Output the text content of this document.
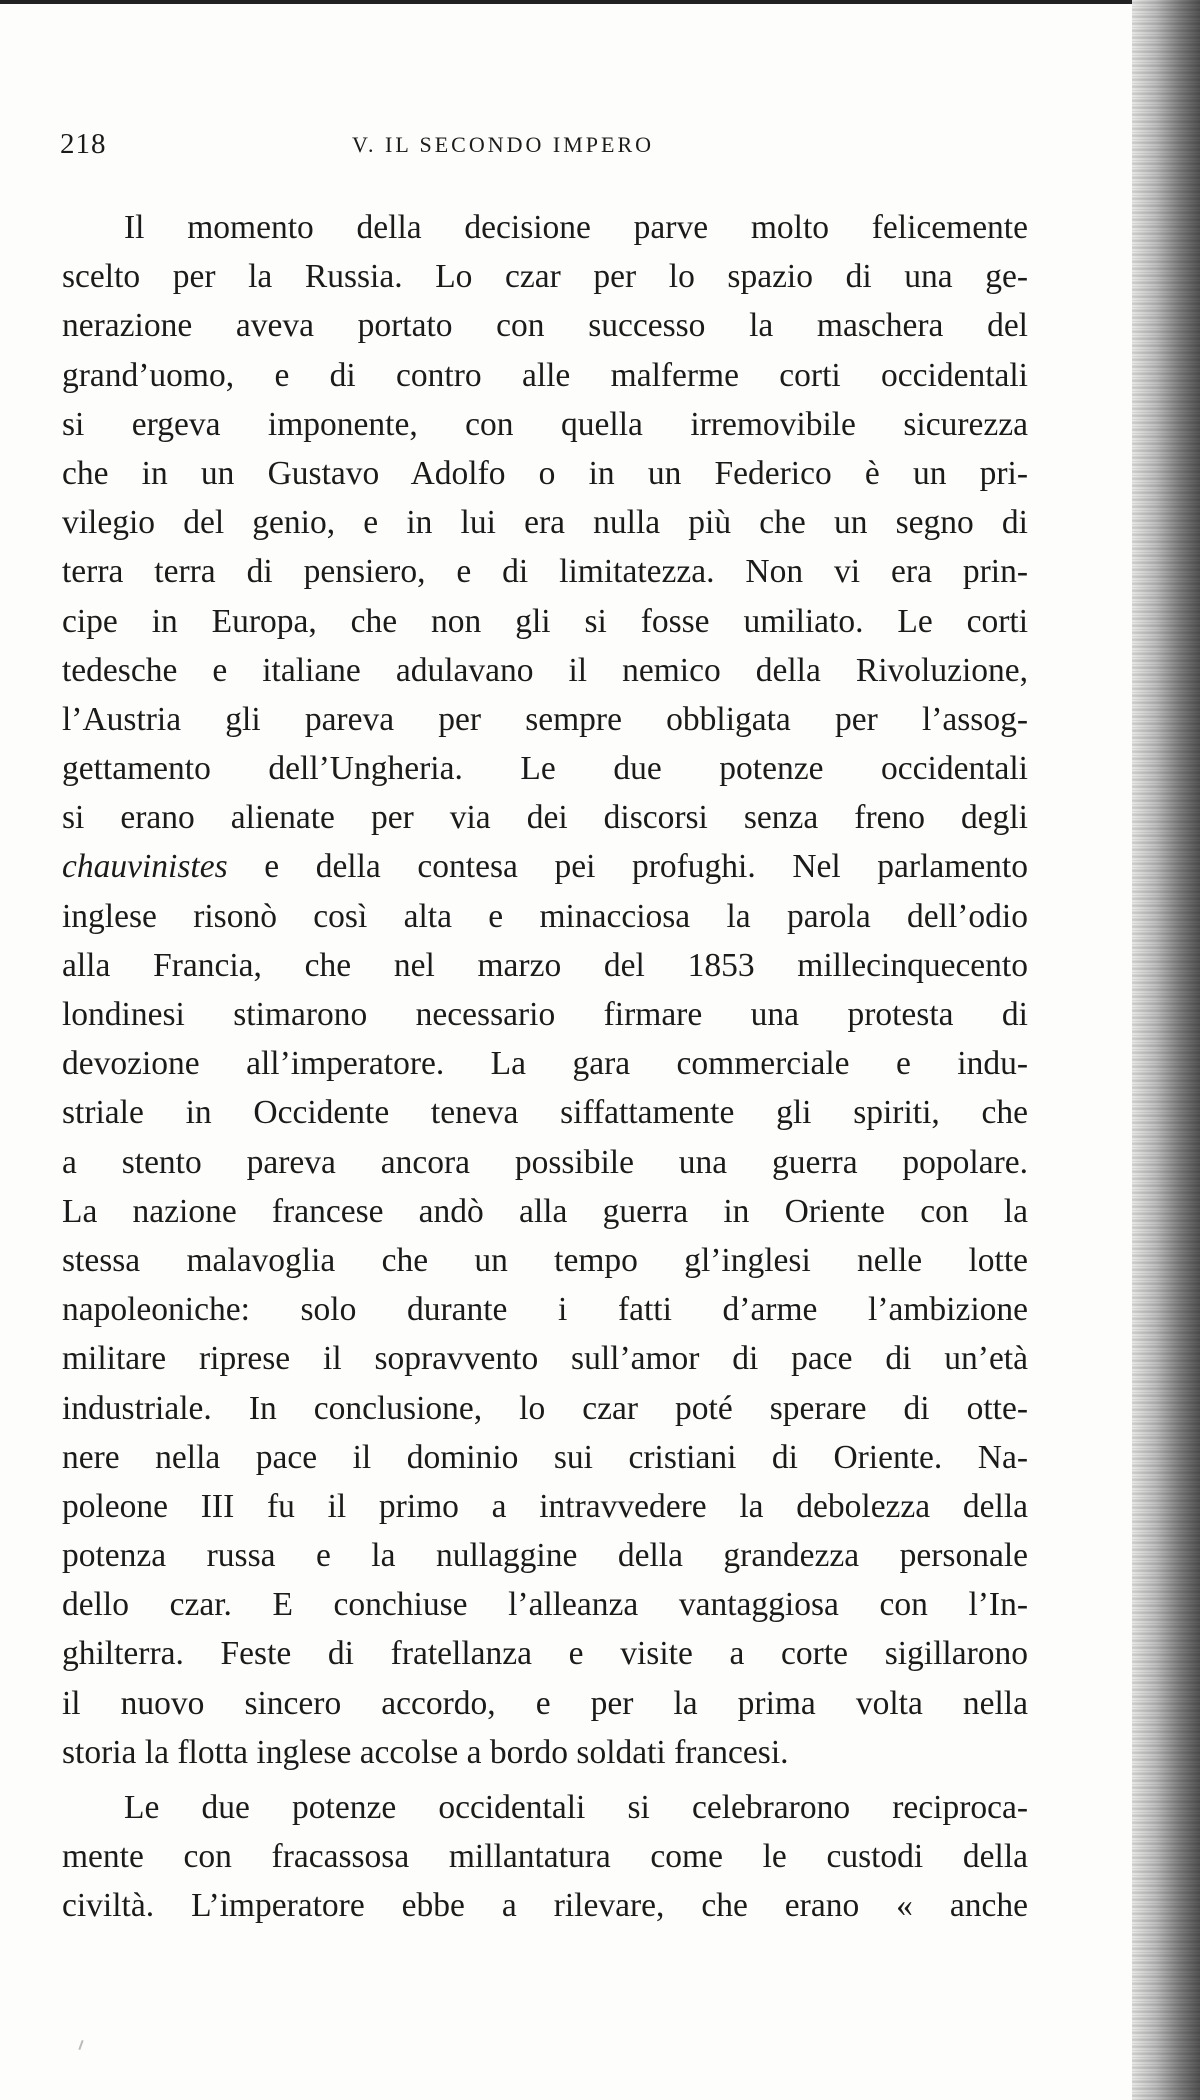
218	V. IL SECONDO IMPERO
Il momento della decisione parve molto felicemente
scelto per la Russia. Lo czar per lo spazio di una ge-
nerazione aveva portato con successo la maschera del
grand’uomo, e di contro alle malferme corti occidentali
si ergeva imponente, con quella irremovibile sicurezza
che in un Gustavo Adolfo o in un Federico è un pri-
vilegio del genio, e in lui era nulla più che un segno di
terra terra di pensiero, e di limitatezza. Non vi era prin-
cipe in Europa, che non gli si fosse umiliato. Le corti
tedesche e italiane adulavano il nemico della Rivoluzione,
l’Austria gli pareva per sempre obbligata per l’assog-
gettamento dell’Ungheria. Le due potenze occidentali
si erano alienate per via dei discorsi senza freno degli
chauvinistes e della contesa pei profughi. Nel parlamento
inglese risonò così alta e minacciosa la parola dell’odio
alla Francia, che nel marzo del 1853 millecinquecento
londinesi stimarono necessario firmare una protesta di
devozione all’imperatore. La gara commerciale e indu-
striale in Occidente teneva siffattamente gli spiriti, che
a stento pareva ancora possibile una guerra popolare.
La nazione francese andò alla guerra in Oriente con la
stessa malavoglia che un tempo gl’inglesi nelle lotte
napoleoniche: solo durante i fatti d’arme l’ambizione
militare riprese il sopravvento sull’amor di pace di un’età
industriale. In conclusione, lo czar poté sperare di otte-
nere nella pace il dominio sui cristiani di Oriente. Na-
poleone III fu il primo a intravvedere la debolezza della
potenza russa e la nullaggine della grandezza personale
dello czar. E conchiuse l’alleanza vantaggiosa con l’In-
ghilterra. Feste di fratellanza e visite a corte sigillarono
il nuovo sincero accordo, e per la prima volta nella
storia la flotta inglese accolse a bordo soldati francesi.
Le due potenze occidentali si celebrarono reciproca-
mente con fracassosa millantatura come le custodi della
civiltà. L’imperatore ebbe a rilevare, che erano « anche
